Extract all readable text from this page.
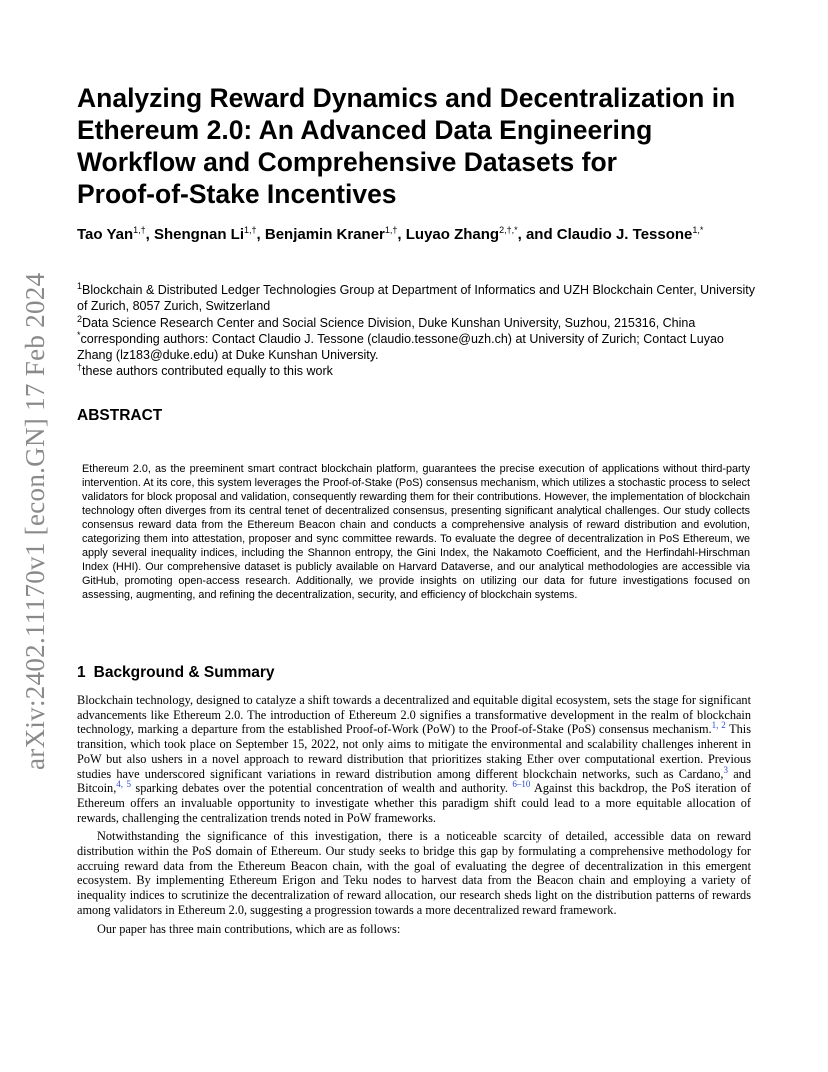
arXiv:2402.11170v1 [econ.GN] 17 Feb 2024
Analyzing Reward Dynamics and Decentralization in
Ethereum 2.0: An Advanced Data Engineering
Workflow and Comprehensive Datasets for
Proof-of-Stake Incentives
Tao Yan$^{1,\dagger}$, Shengnan $Li^{1,\dagger}$, Benjamin Kraner$^{1,\dagger}$, Luyao Zhang$^{2,\dagger,*}$, and Claudio J. Tessone$^{1,*}$
$^1$Blockchain & Distributed Ledger Technologies Group at Department of Informatics and UZH Blockchain Center, University of Zurich, 8057 Zurich, Switzerland
$^2$Data Science Research Center and Social Science Division, Duke Kunshan University, Suzhou, 215316, China
*corresponding authors: Contact Claudio J. Tessone (claudio.tessone@uzh.ch) at University of Zurich; Contact Luyao Zhang (lz183@duke.edu) at Duke Kunshan University.
†these authors contributed equally to this work
ABSTRACT
Ethereum 2.0, as the preeminent smart contract blockchain platform, guarantees the precise execution of applications without third-party intervention. At its core, this system leverages the Proof-of-Stake (PoS) consensus mechanism, which utilizes a stochastic process to select validators for block proposal and validation, consequently rewarding them for their contributions. However, the implementation of blockchain technology often diverges from its central tenet of decentralized consensus, presenting significant analytical challenges. Our study collects consensus reward data from the Ethereum Beacon chain and conducts a comprehensive analysis of reward distribution and evolution, categorizing them into attestation, proposer and sync committee rewards. To evaluate the degree of decentralization in PoS Ethereum, we apply several inequality indices, including the Shannon entropy, the Gini Index, the Nakamoto Coefficient, and the Herfindahl-Hirschman Index (HHI). Our comprehensive dataset is publicly available on Harvard Dataverse, and our analytical methodologies are accessible via GitHub, promoting open-access research. Additionally, we provide insights on utilizing our data for future investigations focused on assessing, augmenting, and refining the decentralization, security, and efficiency of blockchain systems.
1 Background & Summary

Blockchain technology, designed to catalyze a shift towards a decentralized and equitable digital ecosystem, sets the stage for significant advancements like Ethereum 2.0. The introduction of Ethereum 2.0 signifies a transformative development in the realm of blockchain technology, marking a departure from the established Proof-of-Work (PoW) to the Proof-of-Stake (PoS) consensus mechanism.$^{1, 2}$ This transition, which took place on September 15, 2022, not only aims to mitigate the environmental and scalability challenges inherent in PoW but also ushers in a novel approach to reward distribution that prioritizes staking Ether over computational exertion. Previous studies have underscored significant variations in reward distribution among different blockchain networks, such as Cardano,$^3$ and Bitcoin,$^{4, 5}$ sparking debates over the potential concentration of wealth and authority. $^{6-10}$ Against this backdrop, the PoS iteration of Ethereum offers an invaluable opportunity to investigate whether this paradigm shift could lead to a more equitable allocation of rewards, challenging the centralization trends noted in PoW frameworks.

Notwithstanding the significance of this investigation, there is a noticeable scarcity of detailed, accessible data on reward distribution within the PoS domain of Ethereum. Our study seeks to bridge this gap by formulating a comprehensive methodology for accruing reward data from the Ethereum Beacon chain, with the goal of evaluating the degree of decentralization in this emergent ecosystem. By implementing Ethereum Erigon and Teku nodes to harvest data from the Beacon chain and employing a variety of inequality indices to scrutinize the decentralization of reward allocation, our research sheds light on the distribution patterns of rewards among validators in Ethereum 2.0, suggesting a progression towards a more decentralized reward framework.

Our paper has three main contributions, which are as follows:
